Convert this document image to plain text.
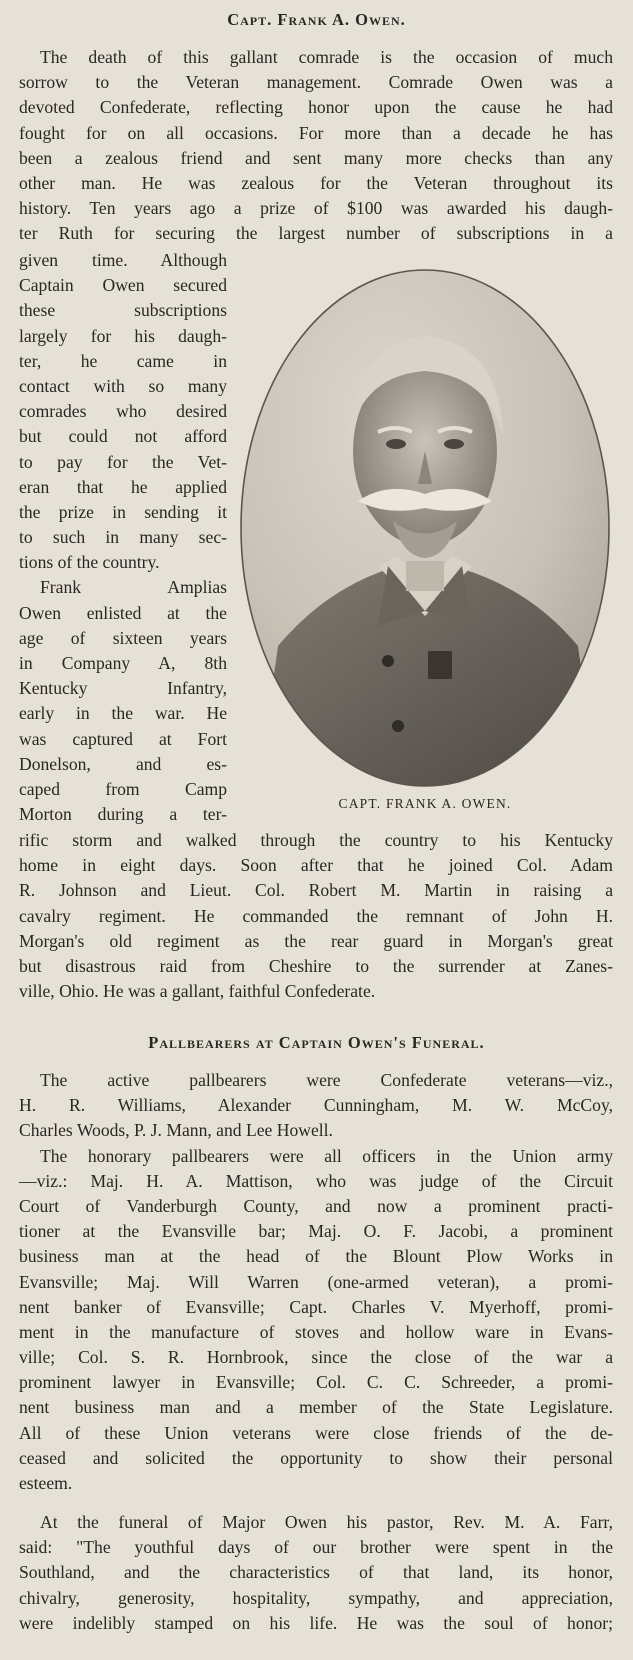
Capt. Frank A. Owen.

The death of this gallant comrade is the occasion of much

sorrow to the Veteran management. Comrade Owen was a

devoted Confederate, reflecting honor upon the cause he had

fought for on all occasions. For more than a decade he has

been a zealous friend and sent many more checks than any

other man. He was zealous for the Veteran throughout its

history. Ten years ago a prize of $100 was awarded his daugh-

ter Ruth for securing the largest number of subscriptions in a

given time. Although

Captain Owen secured

these subscriptions

largely for his daugh-

ter, he came in

contact with so many

comrades who desired

but could not afford

to pay for the Vet-

eran that he applied

the prize in sending it

to such in many sec-

tions of the country.

Frank Amplias

Owen enlisted at the

age of sixteen years

in Company A, 8th

Kentucky Infantry,

early in the war. He

was captured at Fort

Donelson, and es-

caped from Camp

Morton during a ter-

CAPT. FRANK A. OWEN.

rific storm and walked through the country to his Kentucky

home in eight days. Soon after that he joined Col. Adam

R. Johnson and Lieut. Col. Robert M. Martin in raising a

cavalry regiment. He commanded the remnant of John H.

Morgan's old regiment as the rear guard in Morgan's great

but disastrous raid from Cheshire to the surrender at Zanes-

ville, Ohio. He was a gallant, faithful Confederate.

Pallbearers at Captain Owen's Funeral.

The active pallbearers were Confederate veterans—viz.,

H. R. Williams, Alexander Cunningham, M. W. McCoy,

Charles Woods, P. J. Mann, and Lee Howell.

The honorary pallbearers were all officers in the Union army

—viz.: Maj. H. A. Mattison, who was judge of the Circuit

Court of Vanderburgh County, and now a prominent practi-

tioner at the Evansville bar; Maj. O. F. Jacobi, a prominent

business man at the head of the Blount Plow Works in

Evansville; Maj. Will Warren (one-armed veteran), a promi-

nent banker of Evansville; Capt. Charles V. Myerhoff, promi-

ment in the manufacture of stoves and hollow ware in Evans-

ville; Col. S. R. Hornbrook, since the close of the war a

prominent lawyer in Evansville; Col. C. C. Schreeder, a promi-

nent business man and a member of the State Legislature.

All of these Union veterans were close friends of the de-

ceased and solicited the opportunity to show their personal

esteem.

At the funeral of Major Owen his pastor, Rev. M. A. Farr,

said: "The youthful days of our brother were spent in the

Southland, and the characteristics of that land, its honor,

chivalry, generosity, hospitality, sympathy, and appreciation,

were indelibly stamped on his life. He was the soul of honor;
